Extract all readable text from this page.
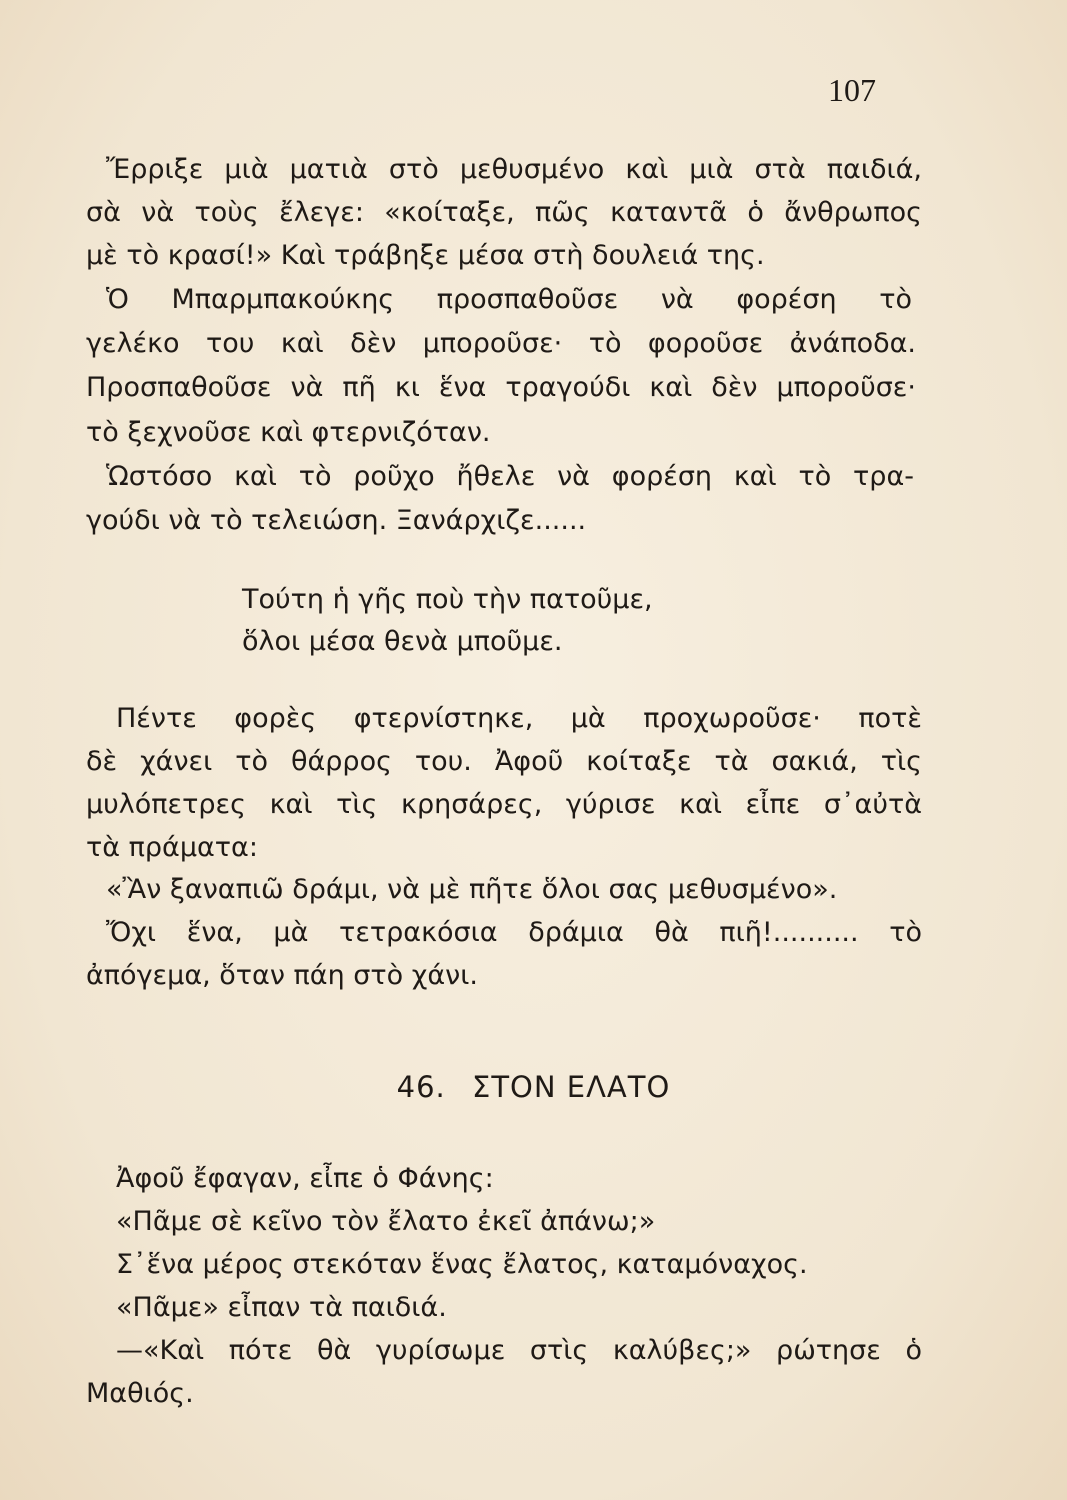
107
Ἔρριξε μιὰ ματιὰ στὸ μεθυσμένο καὶ μιὰ στὰ παιδιά,
σὰ νὰ τοὺς ἔλεγε: «κοίταξε, πῶς καταντᾶ ὁ ἄνθρωπος
μὲ τὸ κρασί!» Καὶ τράβηξε μέσα στὴ δουλειά της.
Ὁ Μπαρμπακούκης προσπαθοῦσε νὰ φορέση τὸ
γελέκο του καὶ δὲν μποροῦσε· τὸ φοροῦσε ἀνάποδα.
Προσπαθοῦσε νὰ πῆ κι ἕνα τραγούδι καὶ δὲν μποροῦσε·
τὸ ξεχνοῦσε καὶ φτερνιζόταν.
Ὡστόσο καὶ τὸ ροῦχο ἤθελε νὰ φορέση καὶ τὸ τρα-
γούδι νὰ τὸ τελειώση. Ξανάρχιζε......
Τούτη ἡ γῆς ποὺ τὴν πατοῦμε,
ὅλοι μέσα θενὰ μποῦμε.
Πέντε φορὲς φτερνίστηκε, μὰ προχωροῦσε· ποτὲ
δὲ χάνει τὸ θάρρος του. Ἀφοῦ κοίταξε τὰ σακιά, τὶς
μυλόπετρες καὶ τὶς κρησάρες, γύρισε καὶ εἶπε σ᾽αὐτὰ
τὰ πράματα:
«Ἂν ξαναπιῶ δράμι, νὰ μὲ πῆτε ὅλοι σας μεθυσμένο».
Ὄχι ἕνα, μὰ τετρακόσια δράμια θὰ πιῆ!.......... τὸ
ἀπόγεμα, ὅταν πάη στὸ χάνι.
46. ΣΤΟΝ ΕΛΑΤΟ
Ἀφοῦ ἔφαγαν, εἶπε ὁ Φάνης:
«Πᾶμε σὲ κεῖνο τὸν ἔλατο ἐκεῖ ἀπάνω;»
Σ᾽ἕνα μέρος στεκόταν ἕνας ἔλατος, καταμόναχος.
«Πᾶμε» εἶπαν τὰ παιδιά.
—«Καὶ πότε θὰ γυρίσωμε στὶς καλύβες;» ρώτησε ὁ
Μαθιός.
